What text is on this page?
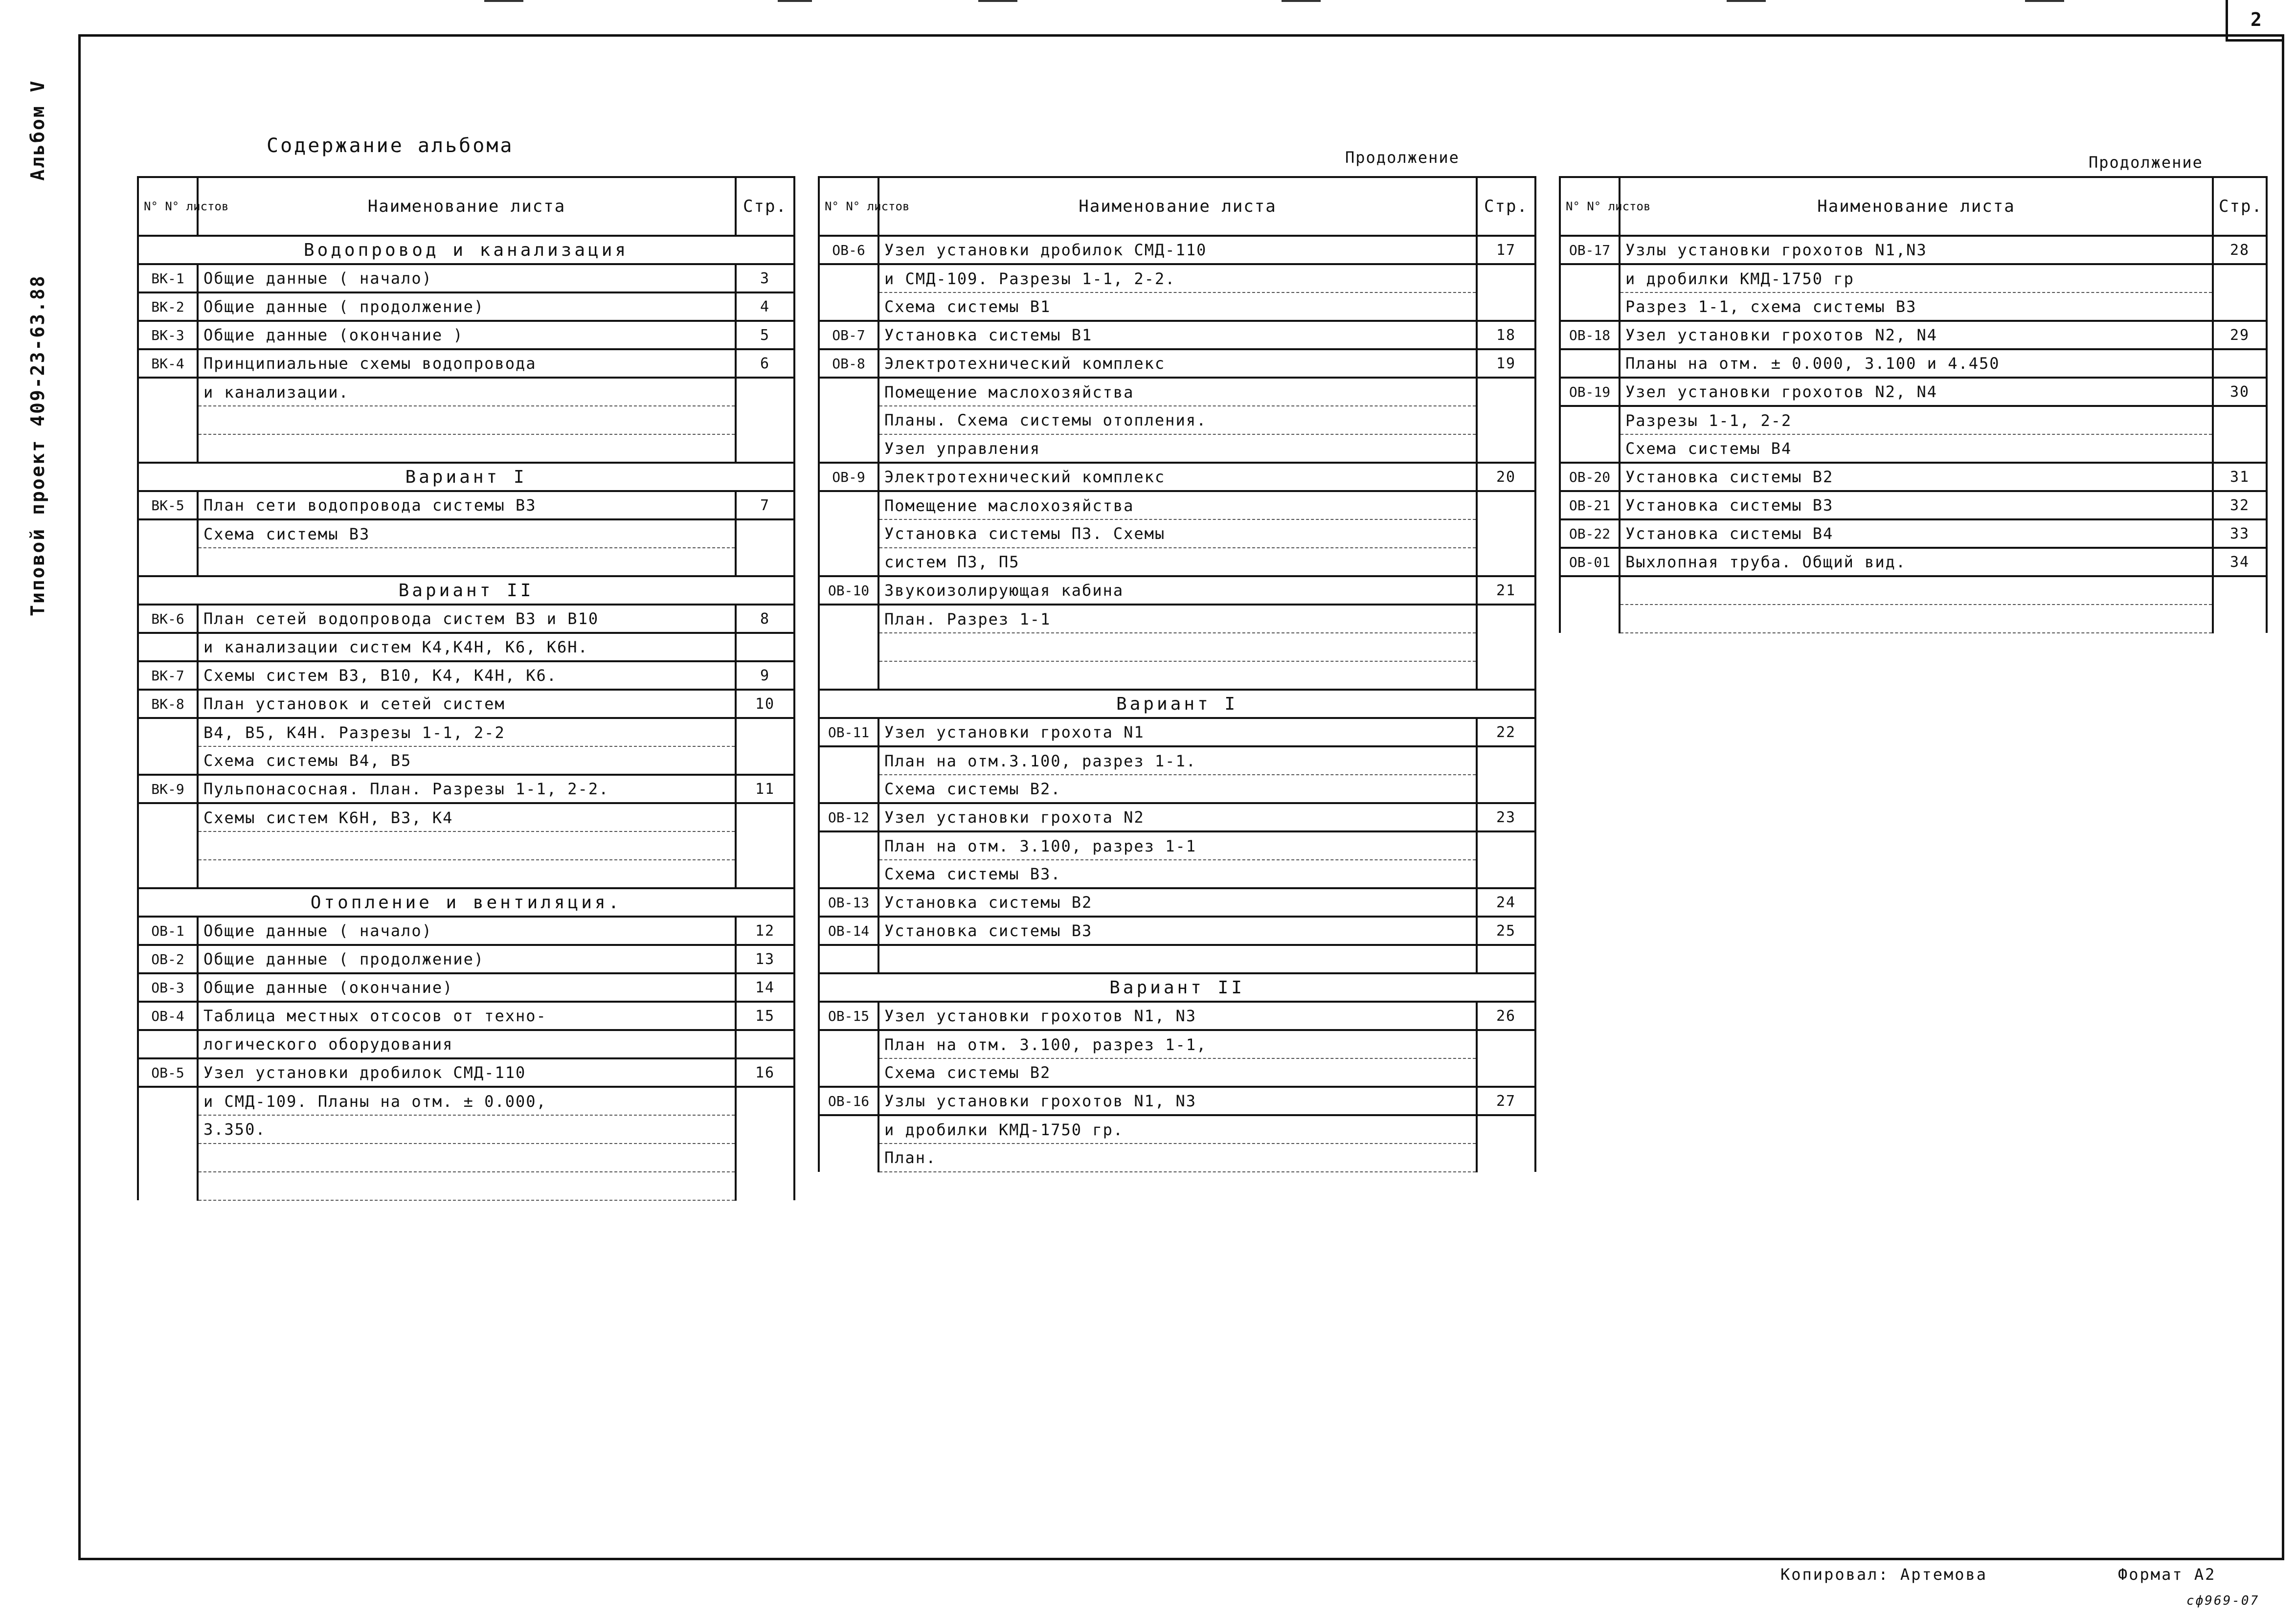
2
Типовой проект 409-23-63.88  Альбом V	Содержание альбома
Продолжение	Продолжение
N° N° листов	Наименование листа	Стр.
Водопровод и канализация		
ВК-1	Общие данные ( начало)	3
ВК-2	Общие данные ( продолжение)	4
ВК-3	Общие данные (окончание )	5
ВК-4	Принципиальные схемы водопровода	6
	и канализации.	

Вариант I		
ВК-5	План сети водопровода системы В3	7
	Схема системы В3	

Вариант II		
ВК-6	План сетей водопровода систем В3 и В10	8
	и канализации систем К4,К4Н, К6, К6Н.	
ВК-7	Схемы систем В3, В10, К4, К4Н, К6.	9
ВК-8	План установок и сетей систем	10
	В4, В5, К4Н. Разрезы 1-1, 2-2	
	Схема системы В4, В5	
ВК-9	Пульпонасосная. План. Разрезы 1-1, 2-2.	11
	Схемы систем К6Н, В3, К4	

Отопление и вентиляция.		
ОВ-1	Общие данные ( начало)	12
ОВ-2	Общие данные ( продолжение)	13
ОВ-3	Общие данные (окончание)	14
ОВ-4	Таблица местных отсосов от техно-	15
	логического оборудования	
ОВ-5	Узел установки дробилок СМД-110	16
	и СМД-109. Планы на отм. ± 0.000,	
	3.350.	

N° N° листов	Наименование листа	Стр.
ОВ-6	Узел установки дробилок СМД-110	17
	и СМД-109. Разрезы 1-1, 2-2.	
	Схема системы В1	
ОВ-7	Установка системы В1	18
ОВ-8	Электротехнический комплекс	19
	Помещение маслохозяйства	
	Планы. Схема системы отопления.	
	Узел управления	
ОВ-9	Электротехнический комплекс	20
	Помещение маслохозяйства	
	Установка системы П3. Схемы	
	систем П3, П5	
ОВ-10	Звукоизолирующая кабина	21
	План. Разрез 1-1	

Вариант I		
ОВ-11	Узел установки грохота N1	22
	План на отм.3.100, разрез 1-1.	
	Схема системы В2.	
ОВ-12	Узел установки грохота N2	23
	План на отм. 3.100, разрез 1-1	
	Схема системы В3.	
ОВ-13	Установка системы В2	24
ОВ-14	Установка системы В3	25

Вариант II		
ОВ-15	Узел установки грохотов N1, N3	26
	План на отм. 3.100, разрез 1-1,	
	Схема системы В2	
ОВ-16	Узлы установки грохотов N1, N3	27
	и дробилки КМД-1750 гр.	
	План.	
N° N° листов	Наименование листа	Стр.
ОВ-17	Узлы установки грохотов N1,N3	28
	и дробилки КМД-1750 гр	
	Разрез 1-1, схема системы В3	
ОВ-18	Узел установки грохотов N2, N4	29
	Планы на отм. ± 0.000, 3.100 и 4.450	
ОВ-19	Узел установки грохотов N2, N4	30
	Разрезы 1-1, 2-2	
	Схема системы В4	
ОВ-20	Установка системы В2	31
ОВ-21	Установка системы В3	32
ОВ-22	Установка системы В4	33
ОВ-01	Выхлопная труба. Общий вид.	34

Копировал: Артемова	Формат А2
сф969-07
